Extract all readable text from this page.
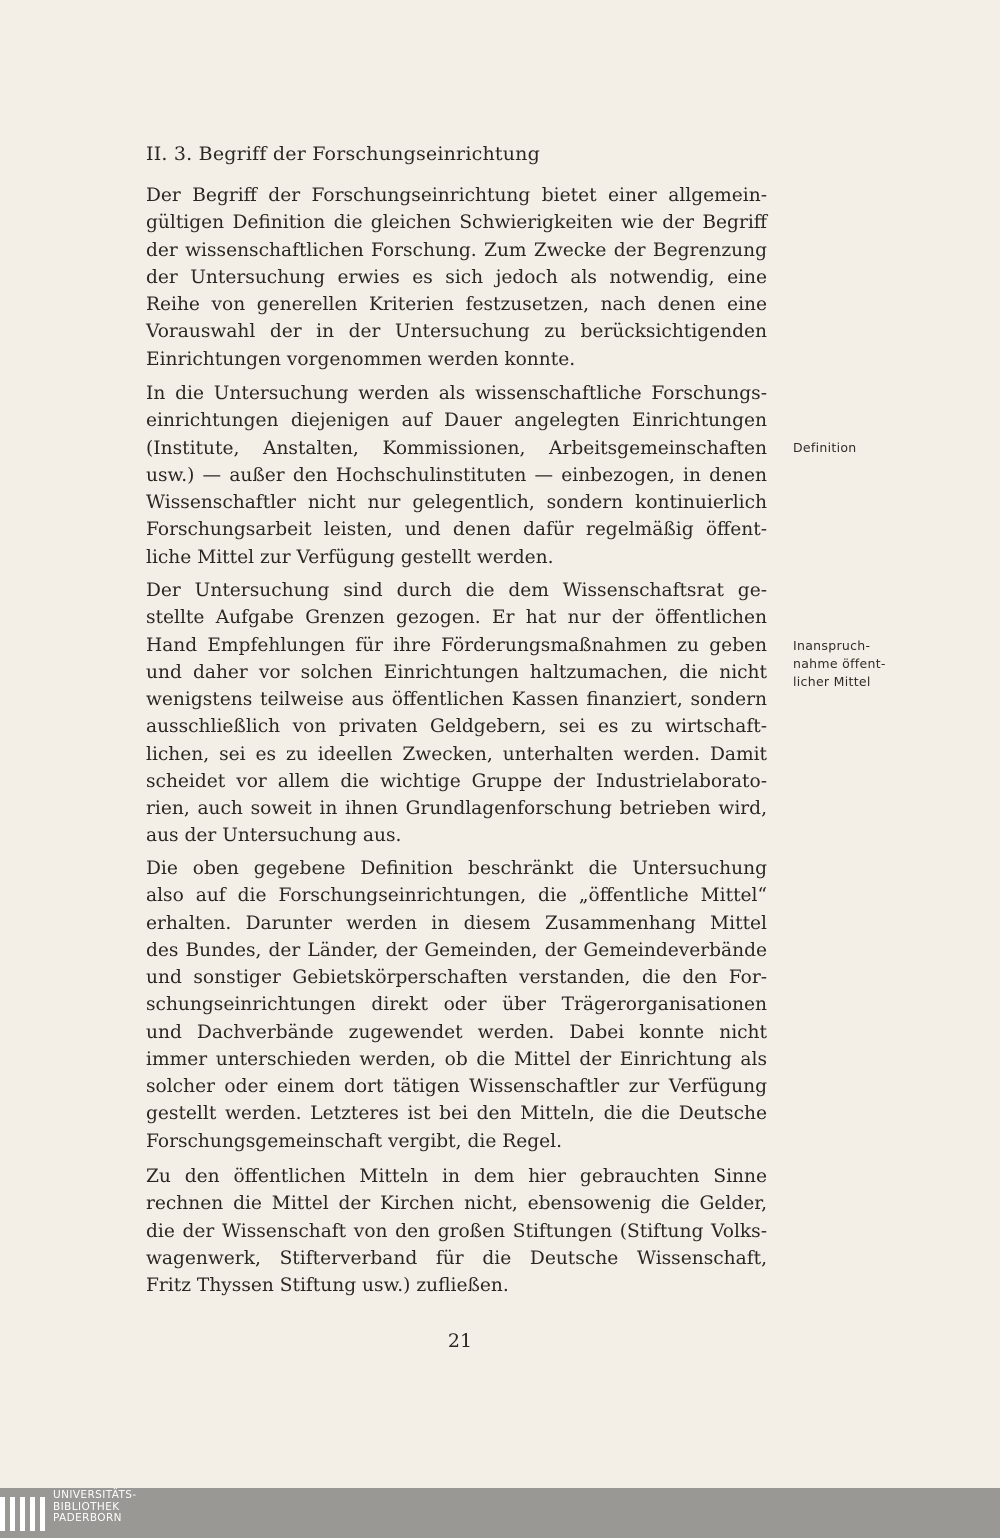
II. 3. Begriff der Forschungseinrichtung
Der Begriff der Forschungseinrichtung bietet einer allgemein-
gültigen Definition die gleichen Schwierigkeiten wie der Begriff
der wissenschaftlichen Forschung. Zum Zwecke der Begrenzung
der Untersuchung erwies es sich jedoch als notwendig, eine
Reihe von generellen Kriterien festzusetzen, nach denen eine
Vorauswahl der in der Untersuchung zu berücksichtigenden
Einrichtungen vorgenommen werden konnte.
In die Untersuchung werden als wissenschaftliche Forschungs-
einrichtungen diejenigen auf Dauer angelegten Einrichtungen
(Institute, Anstalten, Kommissionen, Arbeitsgemeinschaften
usw.) — außer den Hochschulinstituten — einbezogen, in denen
Wissenschaftler nicht nur gelegentlich, sondern kontinuierlich
Forschungsarbeit leisten, und denen dafür regelmäßig öffent-
liche Mittel zur Verfügung gestellt werden.
Der Untersuchung sind durch die dem Wissenschaftsrat ge-
stellte Aufgabe Grenzen gezogen. Er hat nur der öffentlichen
Hand Empfehlungen für ihre Förderungsmaßnahmen zu geben
und daher vor solchen Einrichtungen haltzumachen, die nicht
wenigstens teilweise aus öffentlichen Kassen finanziert, sondern
ausschließlich von privaten Geldgebern, sei es zu wirtschaft-
lichen, sei es zu ideellen Zwecken, unterhalten werden. Damit
scheidet vor allem die wichtige Gruppe der Industrielaborato-
rien, auch soweit in ihnen Grundlagenforschung betrieben wird,
aus der Untersuchung aus.
Die oben gegebene Definition beschränkt die Untersuchung
also auf die Forschungseinrichtungen, die „öffentliche Mittel“
erhalten. Darunter werden in diesem Zusammenhang Mittel
des Bundes, der Länder, der Gemeinden, der Gemeindeverbände
und sonstiger Gebietskörperschaften verstanden, die den For-
schungseinrichtungen direkt oder über Trägerorganisationen
und Dachverbände zugewendet werden. Dabei konnte nicht
immer unterschieden werden, ob die Mittel der Einrichtung als
solcher oder einem dort tätigen Wissenschaftler zur Verfügung
gestellt werden. Letzteres ist bei den Mitteln, die die Deutsche
Forschungsgemeinschaft vergibt, die Regel.
Zu den öffentlichen Mitteln in dem hier gebrauchten Sinne
rechnen die Mittel der Kirchen nicht, ebensowenig die Gelder,
die der Wissenschaft von den großen Stiftungen (Stiftung Volks-
wagenwerk, Stifterverband für die Deutsche Wissenschaft,
Fritz Thyssen Stiftung usw.) zufließen.
Definition
Inanspruch-
nahme öffent-
licher Mittel
21
UNIVERSITÄTS-
BIBLIOTHEK
PADERBORN
